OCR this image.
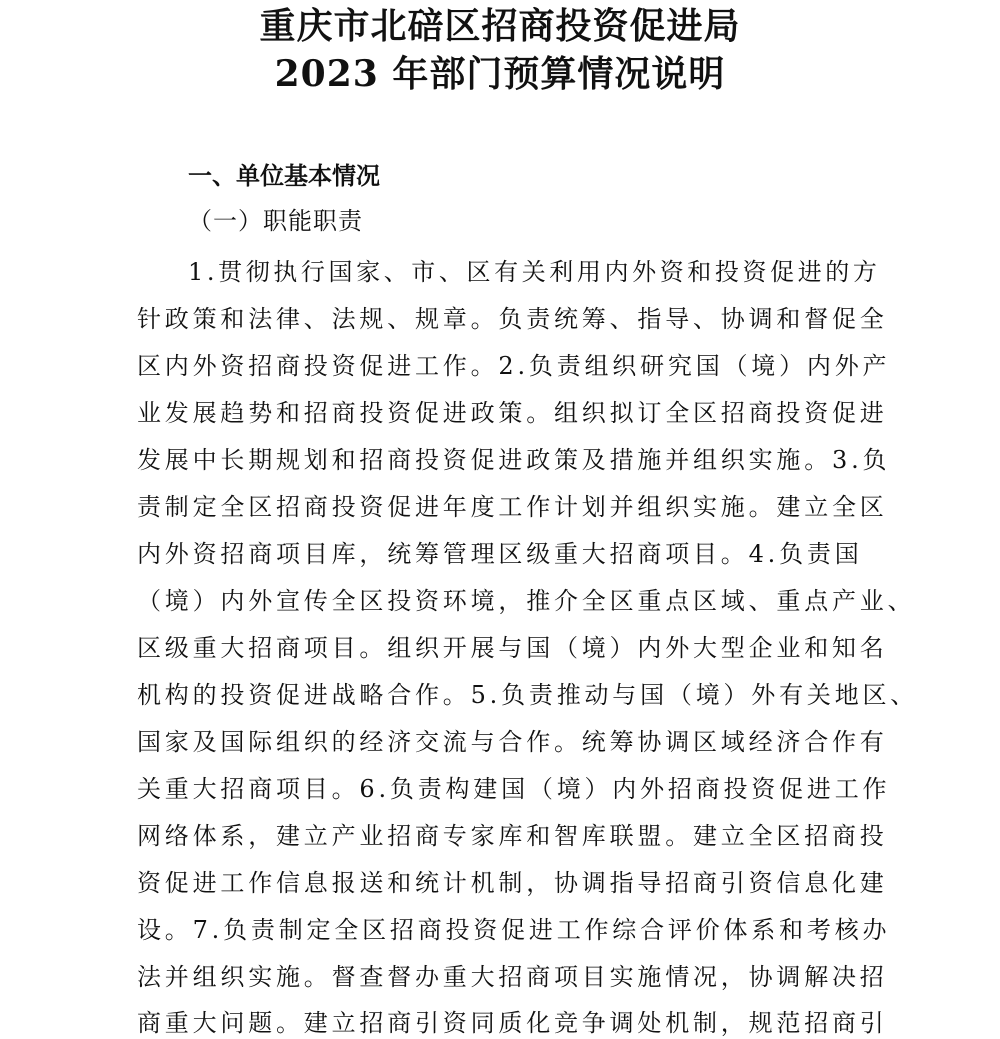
重庆市北碚区招商投资促进局
2023 年部门预算情况说明
一、单位基本情况
（一）职能职责
1.贯彻执行国家、市、区有关利用内外资和投资促进的方
针政策和法律、法规、规章。负责统筹、指导、协调和督促全
区内外资招商投资促进工作。2.负责组织研究国（境）内外产
业发展趋势和招商投资促进政策。组织拟订全区招商投资促进
发展中长期规划和招商投资促进政策及措施并组织实施。3.负
责制定全区招商投资促进年度工作计划并组织实施。建立全区
内外资招商项目库，统筹管理区级重大招商项目。4.负责国
（境）内外宣传全区投资环境，推介全区重点区域、重点产业、
区级重大招商项目。组织开展与国（境）内外大型企业和知名
机构的投资促进战略合作。5.负责推动与国（境）外有关地区、
国家及国际组织的经济交流与合作。统筹协调区域经济合作有
关重大招商项目。6.负责构建国（境）内外招商投资促进工作
网络体系，建立产业招商专家库和智库联盟。建立全区招商投
资促进工作信息报送和统计机制，协调指导招商引资信息化建
设。7.负责制定全区招商投资促进工作综合评价体系和考核办
法并组织实施。督查督办重大招商项目实施情况，协调解决招
商重大问题。建立招商引资同质化竞争调处机制，规范招商引
